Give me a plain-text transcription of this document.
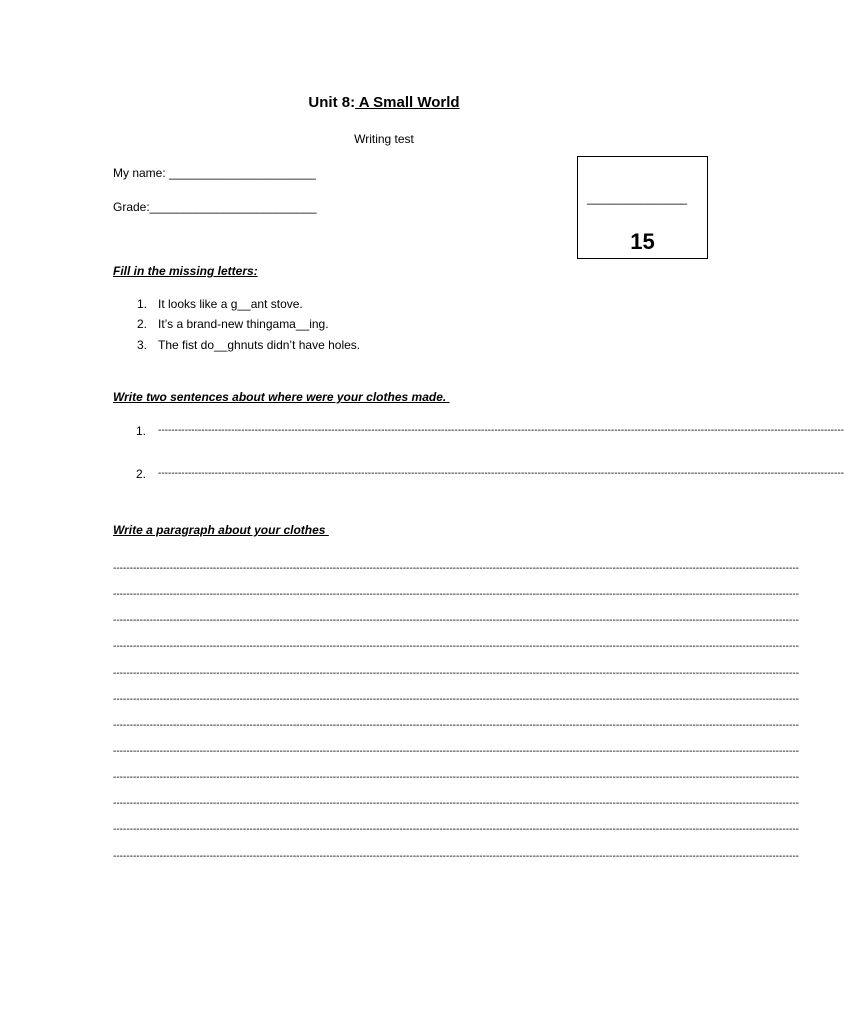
Unit 8: A Small World
Writing test
My name: ______________________
Grade:_________________________
_______________
15
Fill in the missing letters:
1. It looks like a g__ant stove.
2. It’s a brand-new thingama__ing.
3. The fist do__ghnuts didn’t have holes.
Write two sentences about where were your clothes made.
1. --------------------------------------------------------------------------------------------------------------------------------------------------------------------------------------------------------------
2. --------------------------------------------------------------------------------------------------------------------------------------------------------------------------------------------------------------
Write a paragraph about your clothes
--------------------------------------------------------------------------------------------------------------------------------------------------------------------------------------------------------------
--------------------------------------------------------------------------------------------------------------------------------------------------------------------------------------------------------------
--------------------------------------------------------------------------------------------------------------------------------------------------------------------------------------------------------------
--------------------------------------------------------------------------------------------------------------------------------------------------------------------------------------------------------------
--------------------------------------------------------------------------------------------------------------------------------------------------------------------------------------------------------------
--------------------------------------------------------------------------------------------------------------------------------------------------------------------------------------------------------------
--------------------------------------------------------------------------------------------------------------------------------------------------------------------------------------------------------------
--------------------------------------------------------------------------------------------------------------------------------------------------------------------------------------------------------------
--------------------------------------------------------------------------------------------------------------------------------------------------------------------------------------------------------------
--------------------------------------------------------------------------------------------------------------------------------------------------------------------------------------------------------------
--------------------------------------------------------------------------------------------------------------------------------------------------------------------------------------------------------------
--------------------------------------------------------------------------------------------------------------------------------------------------------------------------------------------------------------
